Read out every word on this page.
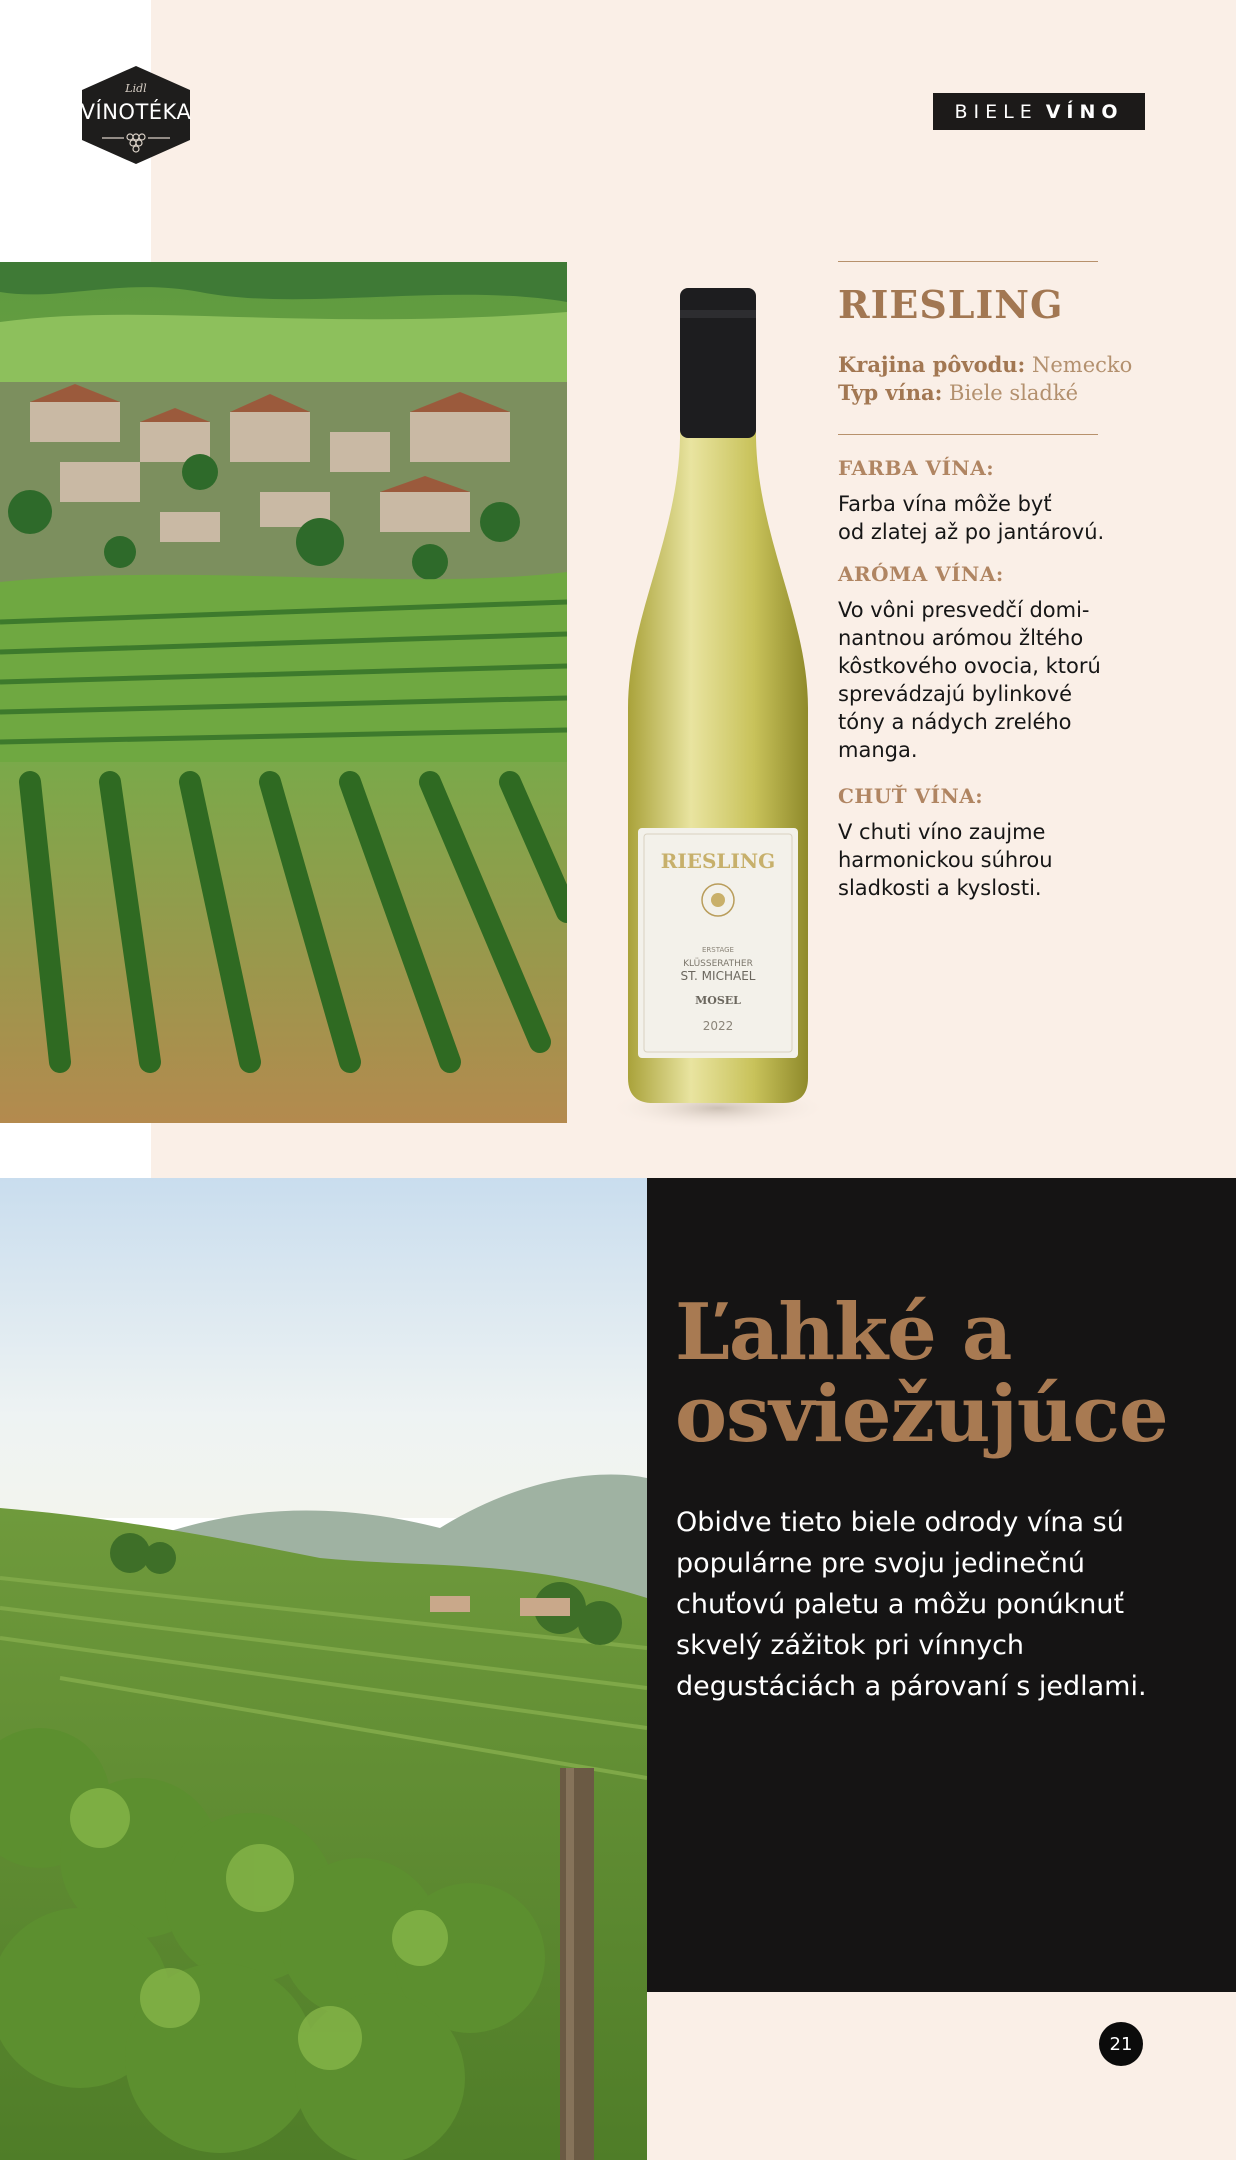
Lidl
VÍNOTÉKA	BIELE VÍNO
RIESLING
ERSTAGE
KLÜSSERATHER
ST. MICHAEL
MOSEL
2022
RIESLING
Krajina pôvodu: Nemecko
Typ vína: Biele sladké
FARBA VÍNA:

Farba vína môže byť
od zlatej až po jantárovú.

ARÓMA VÍNA:

Vo vôni presvedčí domi-
nantnou arómou žltého
kôstkového ovocia, ktorú
sprevádzajú bylinkové
tóny a nádych zrelého
manga.

CHUŤ VÍNA:

V chuti víno zaujme
harmonickou súhrou
sladkosti a kyslosti.

Ľahké a
osviežujúce

Obidve tieto biele odrody vína sú
populárne pre svoju jedinečnú
chuťovú paletu a môžu ponúknuť
skvelý zážitok pri vínnych
degustáciách a párovaní s jedlami.

21
